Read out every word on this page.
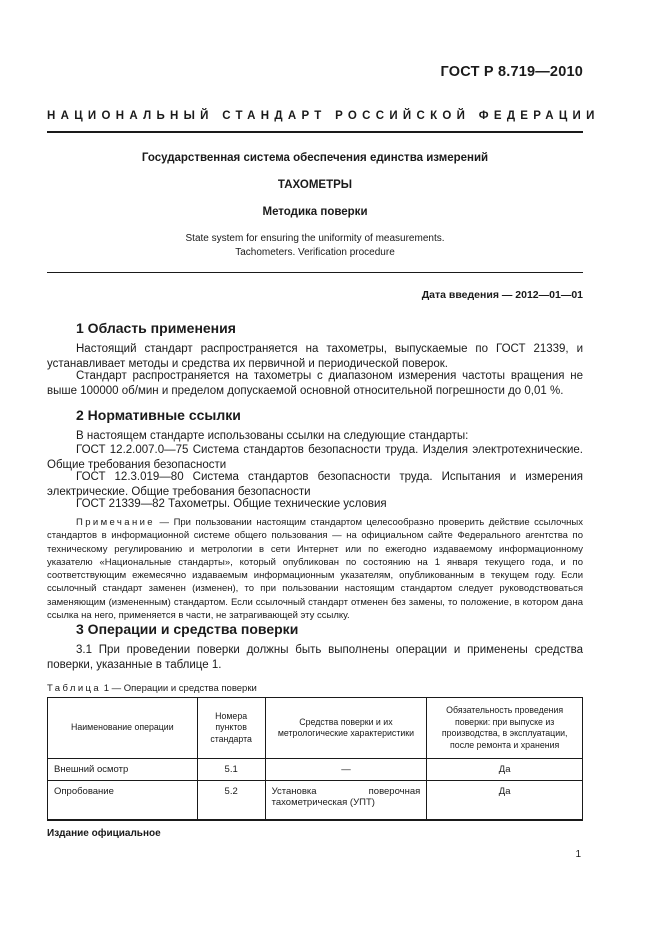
ГОСТ Р 8.719—2010
НАЦИОНАЛЬНЫЙ СТАНДАРТ РОССИЙСКОЙ ФЕДЕРАЦИИ
Государственная система обеспечения единства измерений
ТАХОМЕТРЫ
Методика поверки
State system for ensuring the uniformity of measurements.
Tachometers. Verification procedure
Дата введения — 2012—01—01
1 Область применения
Настоящий стандарт распространяется на тахометры, выпускаемые по ГОСТ 21339, и устанавливает методы и средства их первичной и периодической поверок.
Стандарт распространяется на тахометры с диапазоном измерения частоты вращения не выше 100000 об/мин и пределом допускаемой основной относительной погрешности до 0,01 %.
2 Нормативные ссылки
В настоящем стандарте использованы ссылки на следующие стандарты:
ГОСТ 12.2.007.0—75 Система стандартов безопасности труда. Изделия электротехнические. Общие требования безопасности
ГОСТ 12.3.019—80 Система стандартов безопасности труда. Испытания и измерения электрические. Общие требования безопасности
ГОСТ 21339—82 Тахометры. Общие технические условия
Примечание — При пользовании настоящим стандартом целесообразно проверить действие ссылочных стандартов в информационной системе общего пользования — на официальном сайте Федерального агентства по техническому регулированию и метрологии в сети Интернет или по ежегодно издаваемому информационному указателю «Национальные стандарты», который опубликован по состоянию на 1 января текущего года, и по соответствующим ежемесячно издаваемым информационным указателям, опубликованным в текущем году. Если ссылочный стандарт заменен (изменен), то при пользовании настоящим стандартом следует руководствоваться заменяющим (измененным) стандартом. Если ссылочный стандарт отменен без замены, то положение, в котором дана ссылка на него, применяется в части, не затрагивающей эту ссылку.
3 Операции и средства поверки
3.1 При проведении поверки должны быть выполнены операции и применены средства поверки, указанные в таблице 1.
Таблица 1 — Операции и средства поверки
Наименование операции	Номера пунктов стандарта	Средства поверки и их метрологические характеристики	Обязательность проведения поверки: при выпуске из производства, в эксплуатации, после ремонта и хранения
Внешний осмотр	5.1	—	Да
Опробование	5.2	Установка поверочная тахометрическая (УПТ)	Да
Издание официальное
1
